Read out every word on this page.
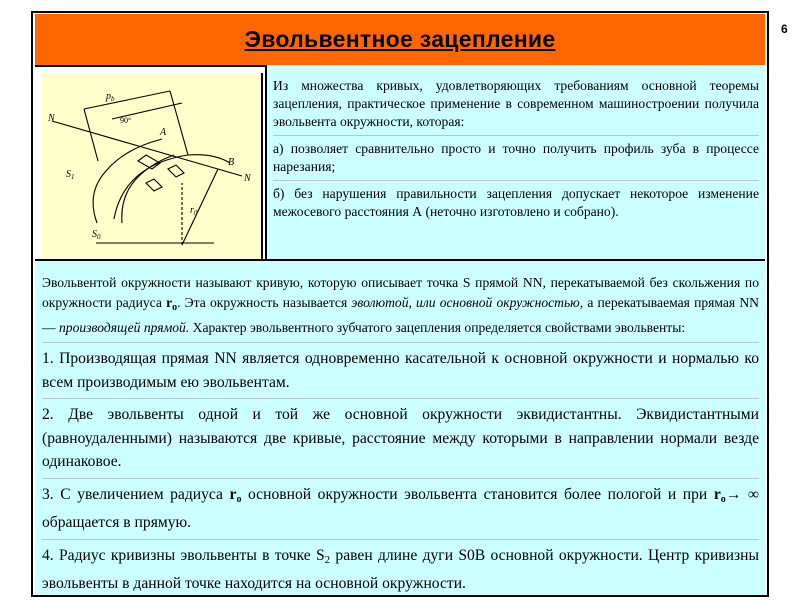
Эвольвентное зацепление
N
N
$S_1$
$S_0$
A
B
$p_b$
90°
$r_0$
Из множества кривых, удовлетворяющих требованиям основной теоремы зацепления, практическое применение в современном машиностроении получила эвольвента окружности, которая:
а) позволяет сравнительно просто и точно получить профиль зуба в процессе нарезания;
б) без нарушения правильности зацепления допускает некоторое изменение межосевого расстояния А (неточно изготовлено и собрано).
Эвольвентой окружности называют кривую, которую описывает точка S прямой NN, перекатываемой без скольжения по окружности радиуса $r_o$. Эта окружность называется эволютой, или основной окружностью, а перекатываемая прямая NN — производящей прямой. Характер эвольвентного зубчатого зацепления определяется свойствами эвольвенты:
1. Производящая прямая NN является одновременно касательной к основной окружности и нормалью ко всем производимым ею эвольвентам.
2. Две эвольвенты одной и той же основной окружности эквидистантны. Эквидистантными (равноудаленными) называются две кривые, расстояние между которыми в направлении нормали везде одинаковое.
3. С увеличением радиуса $r_o$ основной окружности эвольвента становится более пологой и при $r_o\to$ ∞ обращается в прямую.
4. Радиус кривизны эвольвенты в точке S2 равен длине дуги S0B основной окружности. Центр кривизны эвольвенты в данной точке находится на основной окружности.
6
